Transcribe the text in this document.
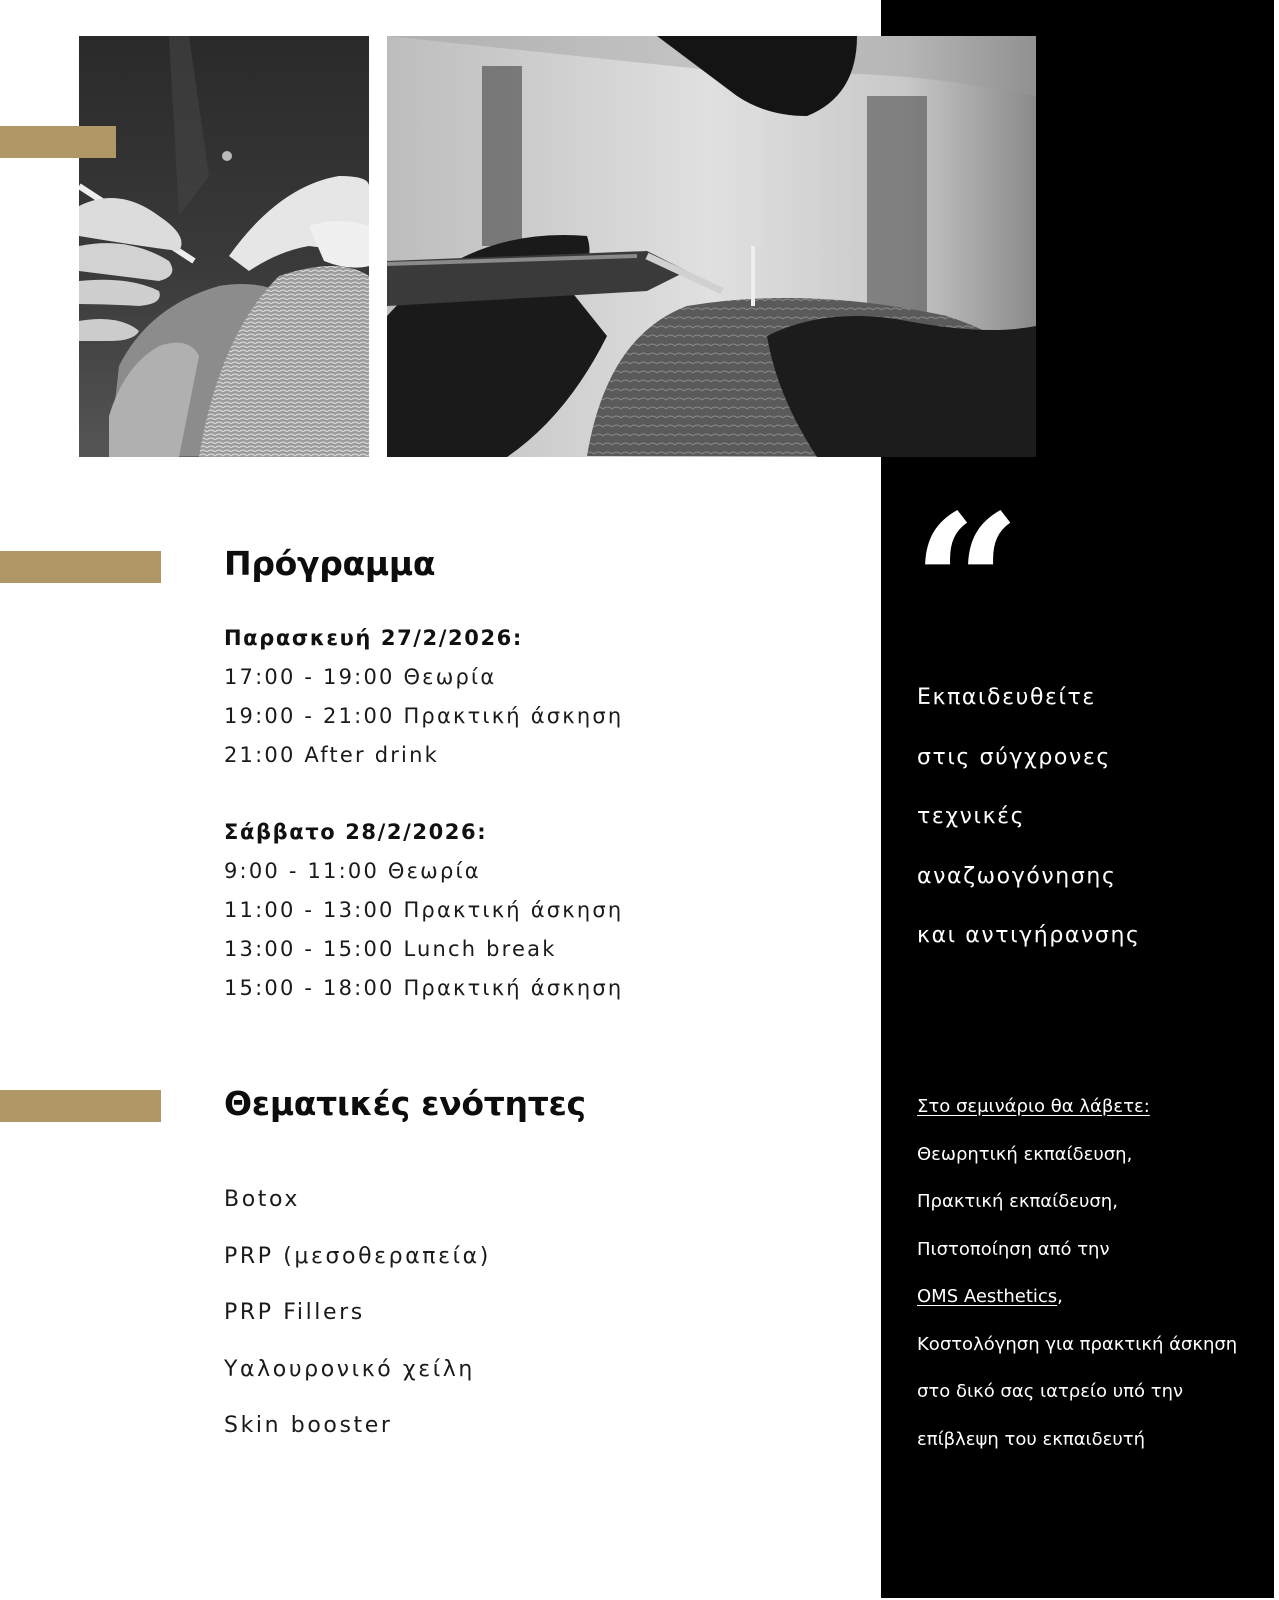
Πρόγραμμα
Παρασκευή 27/2/2026:
17:00 - 19:00 Θεωρία
19:00 - 21:00 Πρακτική άσκηση
21:00 After drink
Σάββατο 28/2/2026:
9:00 - 11:00 Θεωρία
11:00 - 13:00 Πρακτική άσκηση
13:00 - 15:00 Lunch break
15:00 - 18:00 Πρακτική άσκηση
Θεματικές ενότητες
Botox
PRP (μεσοθεραπεία)
PRP Fillers
Υαλουρονικό χείλη
Skin booster
“
Εκπαιδευθείτε
στις σύγχρονες
τεχνικές
αναζωογόνησης
και αντιγήρανσης
Στο σεμινάριο θα λάβετε:
Θεωρητική εκπαίδευση,
Πρακτική εκπαίδευση,
Πιστοποίηση από την
OMS Aesthetics,
Κοστολόγηση για πρακτική άσκηση
στο δικό σας ιατρείο υπό την
επίβλεψη του εκπαιδευτή
